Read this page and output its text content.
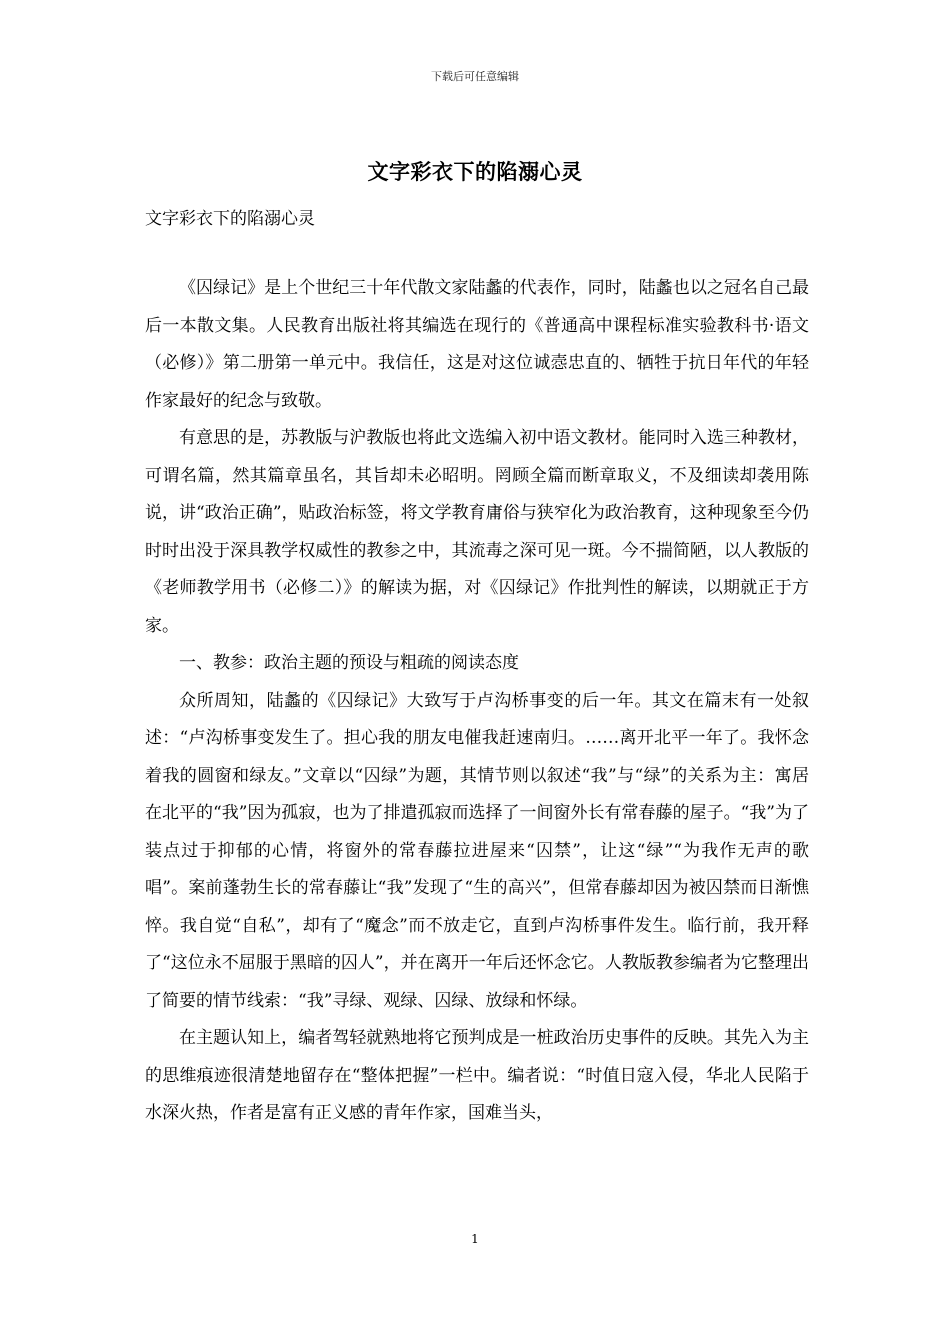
下载后可任意编辑
文字彩衣下的陷溺心灵
文字彩衣下的陷溺心灵

《囚绿记》是上个世纪三十年代散文家陆蠡的代表作，同时，陆蠡也以之冠名自己最后一本散文集。人民教育出版社将其编选在现行的《普通高中课程标准实验教科书·语文（必修）》第二册第一单元中。我信任，这是对这位诚悫忠直的、牺牲于抗日年代的年轻作家最好的纪念与致敬。

有意思的是，苏教版与沪教版也将此文选编入初中语文教材。能同时入选三种教材，可谓名篇，然其篇章虽名，其旨却未必昭明。罔顾全篇而断章取义，不及细读却袭用陈说，讲“政治正确”，贴政治标签，将文学教育庸俗与狭窄化为政治教育，这种现象至今仍时时出没于深具教学权威性的教参之中，其流毒之深可见一斑。今不揣简陋，以人教版的《老师教学用书（必修二）》的解读为据，对《囚绿记》作批判性的解读，以期就正于方家。

一、教参：政治主题的预设与粗疏的阅读态度

众所周知，陆蠡的《囚绿记》大致写于卢沟桥事变的后一年。其文在篇末有一处叙述：“卢沟桥事变发生了。担心我的朋友电催我赶速南归。……离开北平一年了。我怀念着我的圆窗和绿友。”文章以“囚绿”为题，其情节则以叙述“我”与“绿”的关系为主：寓居在北平的“我”因为孤寂，也为了排遣孤寂而选择了一间窗外长有常春藤的屋子。“我”为了装点过于抑郁的心情，将窗外的常春藤拉进屋来“囚禁”，让这“绿”“为我作无声的歌唱”。案前蓬勃生长的常春藤让“我”发现了“生的高兴”，但常春藤却因为被囚禁而日渐憔悴。我自觉“自私”，却有了“魔念”而不放走它，直到卢沟桥事件发生。临行前，我开释了“这位永不屈服于黑暗的囚人”，并在离开一年后还怀念它。人教版教参编者为它整理出了简要的情节线索：“我”寻绿、观绿、囚绿、放绿和怀绿。

在主题认知上，编者驾轻就熟地将它预判成是一桩政治历史事件的反映。其先入为主的思维痕迹很清楚地留存在“整体把握”一栏中。编者说：“时值日寇入侵，华北人民陷于水深火热，作者是富有正义感的青年作家，国难当头，

1
